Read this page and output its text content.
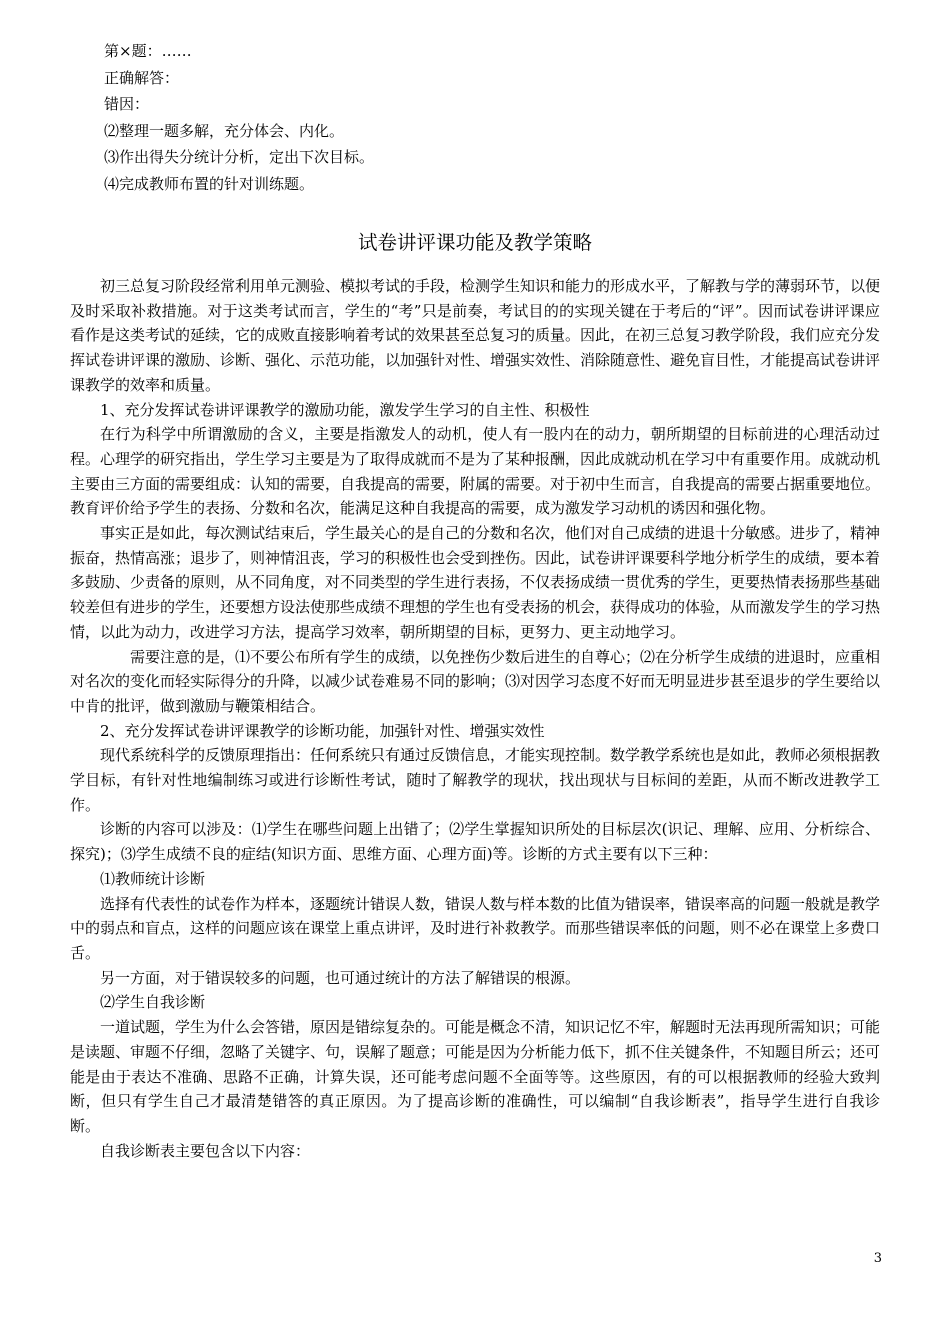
第×题：……

正确解答：

错因：

⑵整理一题多解，充分体会、内化。

⑶作出得失分统计分析，定出下次目标。

⑷完成教师布置的针对训练题。

试卷讲评课功能及教学策略

初三总复习阶段经常利用单元测验、模拟考试的手段，检测学生知识和能力的形成水平，了解教与学的薄弱环节，以便及时采取补救措施。对于这类考试而言，学生的“考”只是前奏，考试目的的实现关键在于考后的“评”。因而试卷讲评课应看作是这类考试的延续，它的成败直接影响着考试的效果甚至总复习的质量。因此，在初三总复习教学阶段，我们应充分发挥试卷讲评课的激励、诊断、强化、示范功能，以加强针对性、增强实效性、消除随意性、避免盲目性，才能提高试卷讲评课教学的效率和质量。

1、充分发挥试卷讲评课教学的激励功能，激发学生学习的自主性、积极性

在行为科学中所谓激励的含义，主要是指激发人的动机，使人有一股内在的动力，朝所期望的目标前进的心理活动过程。心理学的研究指出，学生学习主要是为了取得成就而不是为了某种报酬，因此成就动机在学习中有重要作用。成就动机主要由三方面的需要组成：认知的需要，自我提高的需要，附属的需要。对于初中生而言，自我提高的需要占据重要地位。教育评价给予学生的表扬、分数和名次，能满足这种自我提高的需要，成为激发学习动机的诱因和强化物。

事实正是如此，每次测试结束后，学生最关心的是自己的分数和名次，他们对自己成绩的进退十分敏感。进步了，精神振奋，热情高涨；退步了，则神情沮丧，学习的积极性也会受到挫伤。因此，试卷讲评课要科学地分析学生的成绩，要本着多鼓励、少责备的原则，从不同角度，对不同类型的学生进行表扬，不仅表扬成绩一贯优秀的学生，更要热情表扬那些基础较差但有进步的学生，还要想方设法使那些成绩不理想的学生也有受表扬的机会，获得成功的体验，从而激发学生的学习热情，以此为动力，改进学习方法，提高学习效率，朝所期望的目标，更努力、更主动地学习。

需要注意的是，⑴不要公布所有学生的成绩，以免挫伤少数后进生的自尊心；⑵在分析学生成绩的进退时，应重相对名次的变化而轻实际得分的升降，以减少试卷难易不同的影响；⑶对因学习态度不好而无明显进步甚至退步的学生要给以中肯的批评，做到激励与鞭策相结合。

2、充分发挥试卷讲评课教学的诊断功能，加强针对性、增强实效性

现代系统科学的反馈原理指出：任何系统只有通过反馈信息，才能实现控制。数学教学系统也是如此，教师必须根据教学目标，有针对性地编制练习或进行诊断性考试，随时了解教学的现状，找出现状与目标间的差距，从而不断改进教学工作。

诊断的内容可以涉及：⑴学生在哪些问题上出错了；⑵学生掌握知识所处的目标层次(识记、理解、应用、分析综合、探究)；⑶学生成绩不良的症结(知识方面、思维方面、心理方面)等。诊断的方式主要有以下三种：

⑴教师统计诊断

选择有代表性的试卷作为样本，逐题统计错误人数，错误人数与样本数的比值为错误率，错误率高的问题一般就是教学中的弱点和盲点，这样的问题应该在课堂上重点讲评，及时进行补救教学。而那些错误率低的问题，则不必在课堂上多费口舌。

另一方面，对于错误较多的问题，也可通过统计的方法了解错误的根源。

⑵学生自我诊断

一道试题，学生为什么会答错，原因是错综复杂的。可能是概念不清，知识记忆不牢，解题时无法再现所需知识；可能是读题、审题不仔细，忽略了关键字、句，误解了题意；可能是因为分析能力低下，抓不住关键条件，不知题目所云；还可能是由于表达不准确、思路不正确，计算失误，还可能考虑问题不全面等等。这些原因，有的可以根据教师的经验大致判断，但只有学生自己才最清楚错答的真正原因。为了提高诊断的准确性，可以编制“自我诊断表”，指导学生进行自我诊断。

自我诊断表主要包含以下内容：

3
